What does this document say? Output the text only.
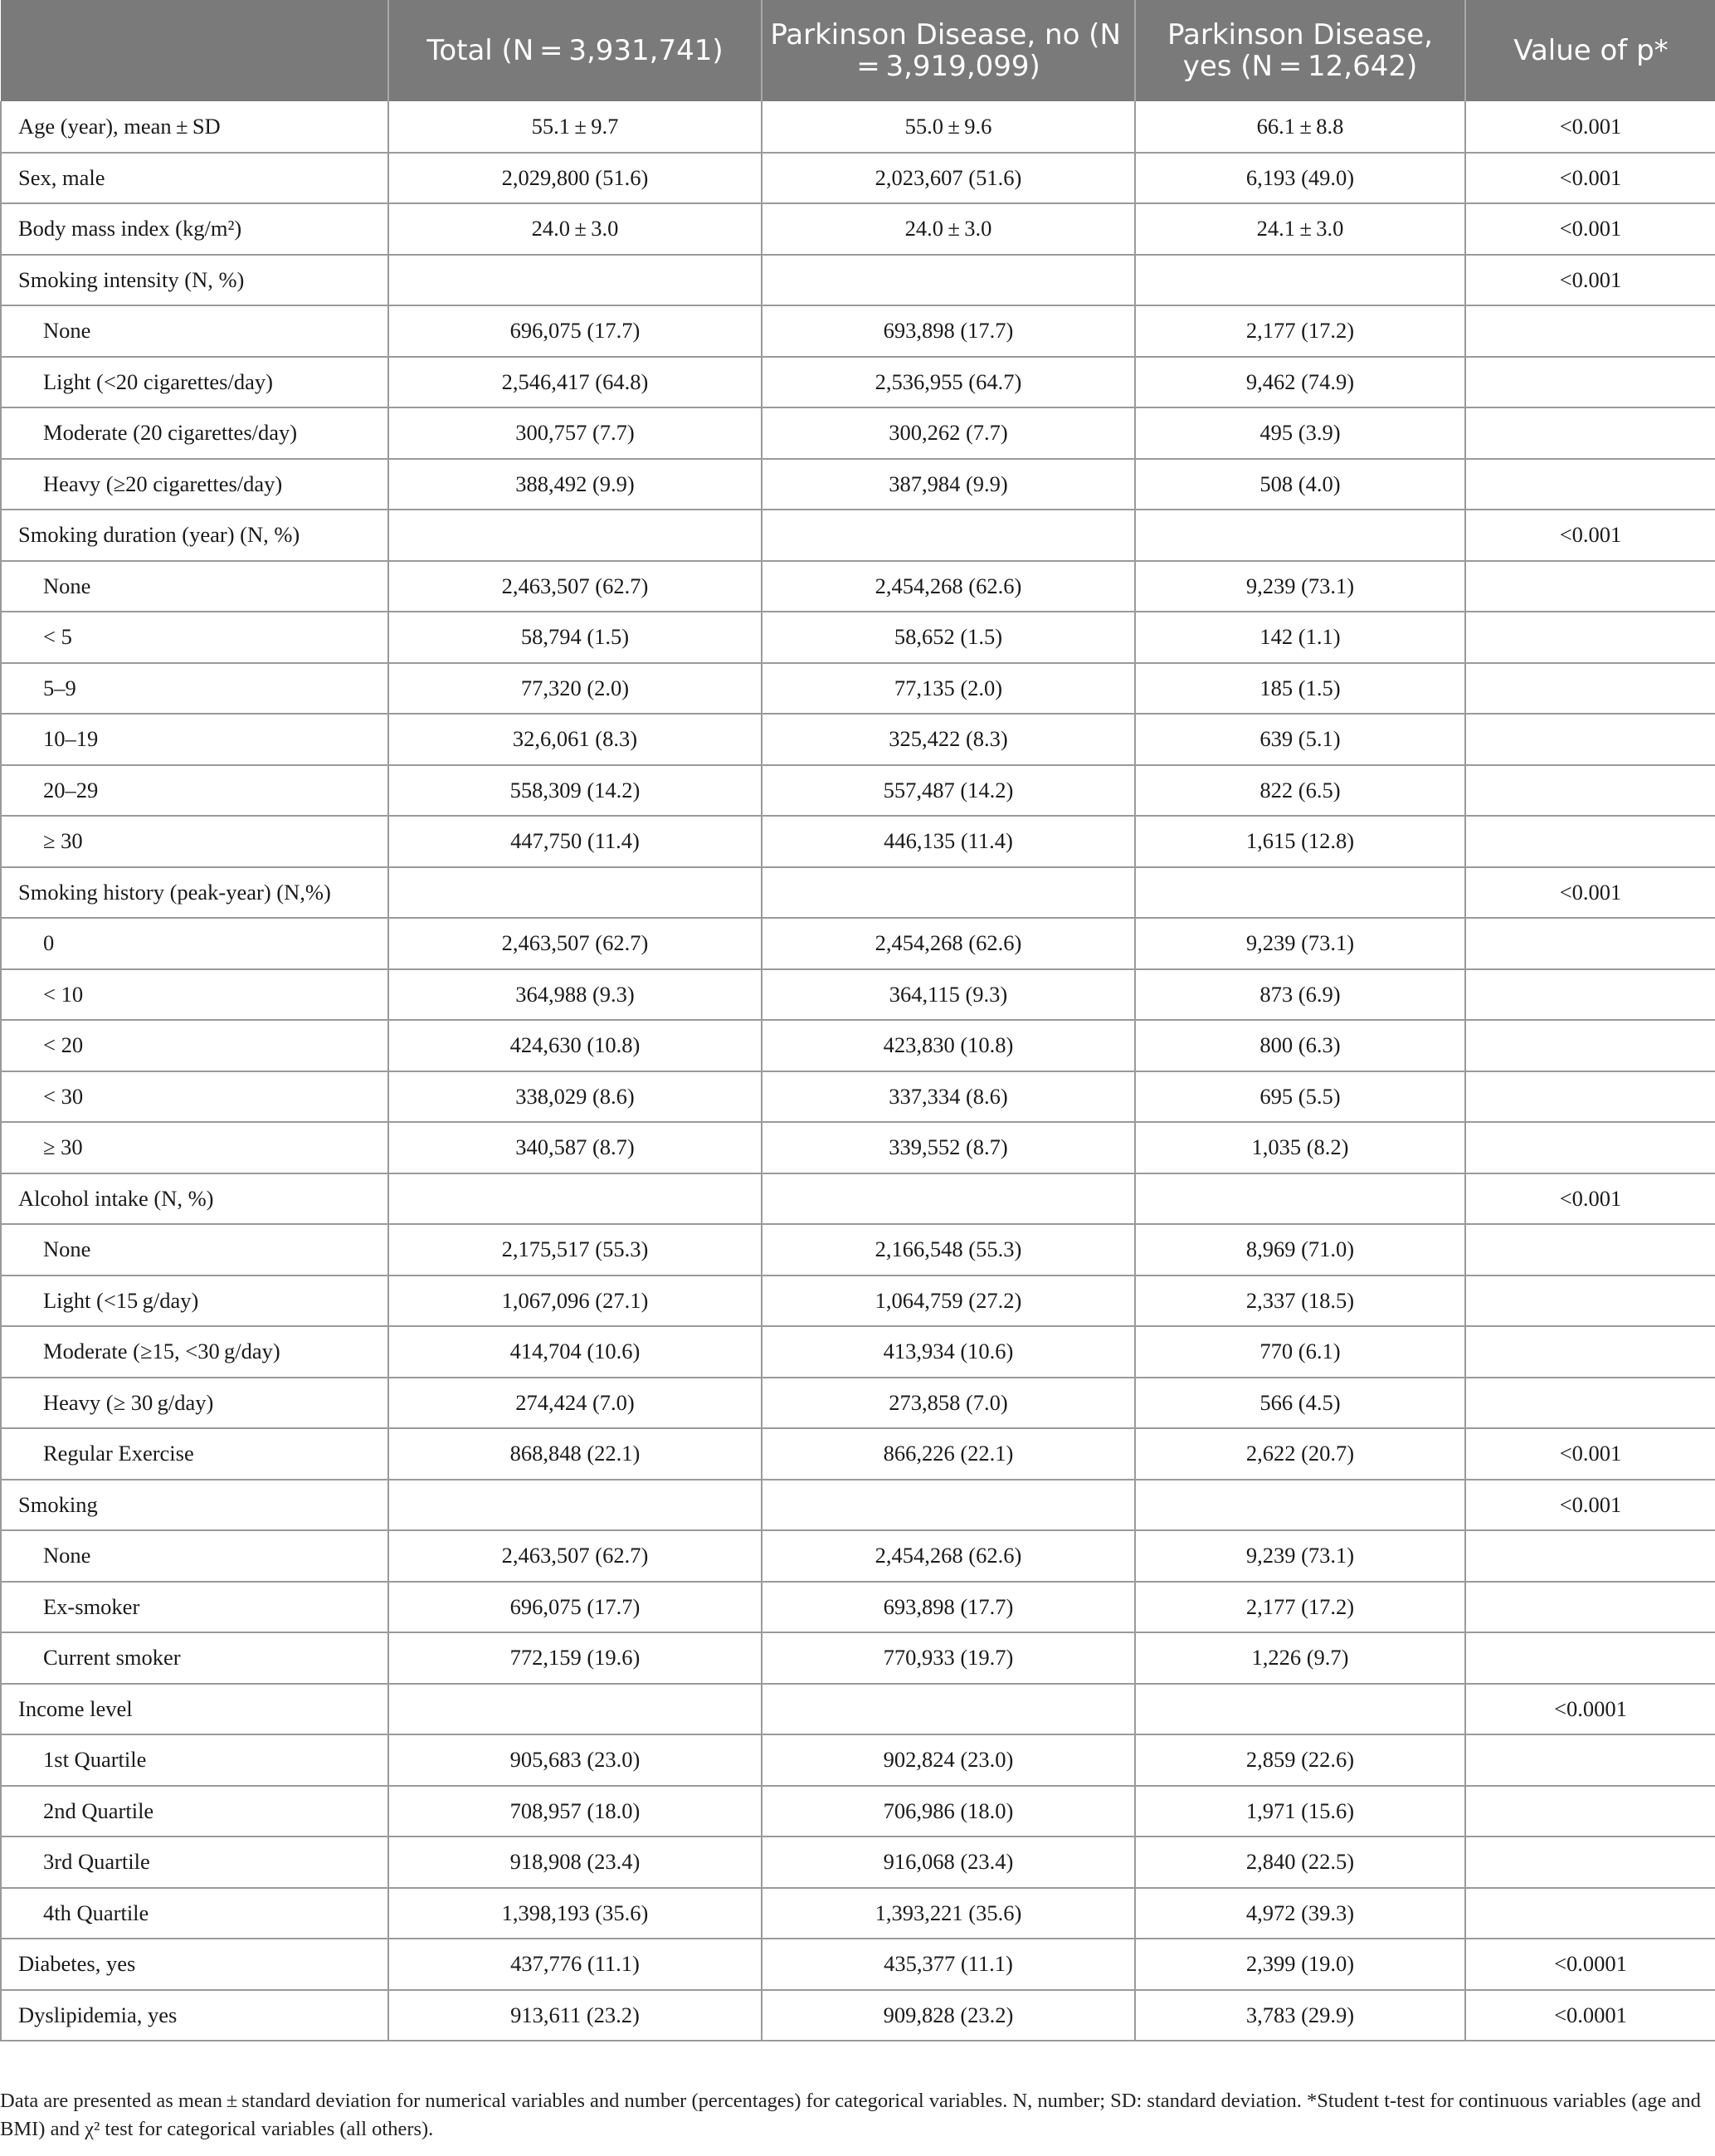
	Total (N = 3,931,741)	Parkinson Disease, no (N = 3,919,099)	Parkinson Disease, yes (N = 12,642)	Value of p*
Age (year), mean ± SD	55.1 ± 9.7	55.0 ± 9.6	66.1 ± 8.8	<0.001
Sex, male	2,029,800 (51.6)	2,023,607 (51.6)	6,193 (49.0)	<0.001
Body mass index (kg/m²)	24.0 ± 3.0	24.0 ± 3.0	24.1 ± 3.0	<0.001
Smoking intensity (N, %)				<0.001
None	696,075 (17.7)	693,898 (17.7)	2,177 (17.2)	
Light (<20 cigarettes/day)	2,546,417 (64.8)	2,536,955 (64.7)	9,462 (74.9)	
Moderate (20 cigarettes/day)	300,757 (7.7)	300,262 (7.7)	495 (3.9)	
Heavy (≥20 cigarettes/day)	388,492 (9.9)	387,984 (9.9)	508 (4.0)	
Smoking duration (year) (N, %)				<0.001
None	2,463,507 (62.7)	2,454,268 (62.6)	9,239 (73.1)	
< 5	58,794 (1.5)	58,652 (1.5)	142 (1.1)	
5–9	77,320 (2.0)	77,135 (2.0)	185 (1.5)	
10–19	32,6,061 (8.3)	325,422 (8.3)	639 (5.1)	
20–29	558,309 (14.2)	557,487 (14.2)	822 (6.5)	
≥ 30	447,750 (11.4)	446,135 (11.4)	1,615 (12.8)	
Smoking history (peak-year) (N,%)				<0.001
0	2,463,507 (62.7)	2,454,268 (62.6)	9,239 (73.1)	
< 10	364,988 (9.3)	364,115 (9.3)	873 (6.9)	
< 20	424,630 (10.8)	423,830 (10.8)	800 (6.3)	
< 30	338,029 (8.6)	337,334 (8.6)	695 (5.5)	
≥ 30	340,587 (8.7)	339,552 (8.7)	1,035 (8.2)	
Alcohol intake (N, %)				<0.001
None	2,175,517 (55.3)	2,166,548 (55.3)	8,969 (71.0)	
Light (<15 g/day)	1,067,096 (27.1)	1,064,759 (27.2)	2,337 (18.5)	
Moderate (≥15, <30 g/day)	414,704 (10.6)	413,934 (10.6)	770 (6.1)	
Heavy (≥ 30 g/day)	274,424 (7.0)	273,858 (7.0)	566 (4.5)	
Regular Exercise	868,848 (22.1)	866,226 (22.1)	2,622 (20.7)	<0.001
Smoking				<0.001
None	2,463,507 (62.7)	2,454,268 (62.6)	9,239 (73.1)	
Ex-smoker	696,075 (17.7)	693,898 (17.7)	2,177 (17.2)	
Current smoker	772,159 (19.6)	770,933 (19.7)	1,226 (9.7)	
Income level				<0.0001
1st Quartile	905,683 (23.0)	902,824 (23.0)	2,859 (22.6)	
2nd Quartile	708,957 (18.0)	706,986 (18.0)	1,971 (15.6)	
3rd Quartile	918,908 (23.4)	916,068 (23.4)	2,840 (22.5)	
4th Quartile	1,398,193 (35.6)	1,393,221 (35.6)	4,972 (39.3)	
Diabetes, yes	437,776 (11.1)	435,377 (11.1)	2,399 (19.0)	<0.0001
Dyslipidemia, yes	913,611 (23.2)	909,828 (23.2)	3,783 (29.9)	<0.0001
Data are presented as mean ± standard deviation for numerical variables and number (percentages) for categorical variables. N, number; SD: standard deviation. *Student t-test for continuous variables (age and BMI) and χ² test for categorical variables (all others).
